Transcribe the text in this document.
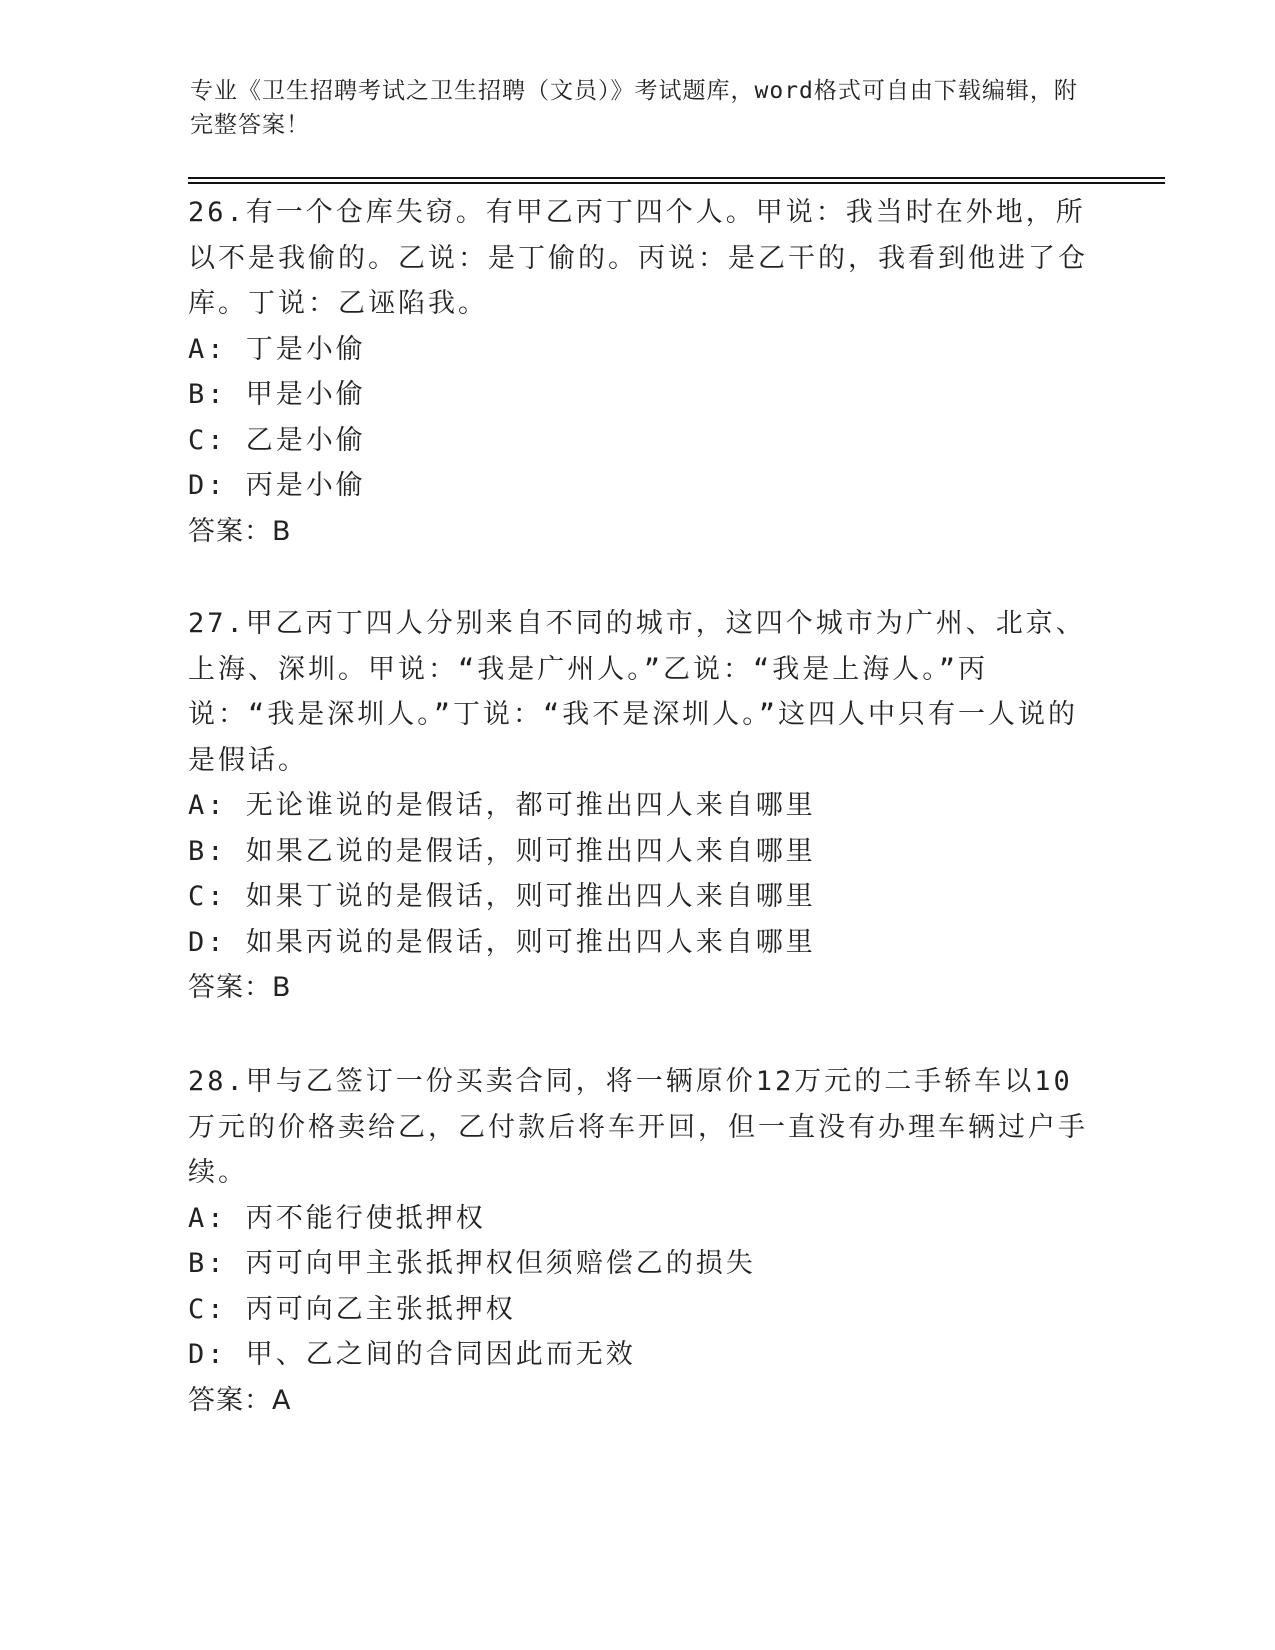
专业《卫生招聘考试之卫生招聘（文员）》考试题库，word格式可自由下载编辑，附完整答案！
26.有一个仓库失窃。有甲乙丙丁四个人。甲说：我当时在外地，所以不是我偷的。乙说：是丁偷的。丙说：是乙干的，我看到他进了仓库。丁说：乙诬陷我。
A: 丁是小偷
B: 甲是小偷
C: 乙是小偷
D: 丙是小偷
答案：B
27.甲乙丙丁四人分别来自不同的城市，这四个城市为广州、北京、上海、深圳。甲说：“我是广州人。”乙说：“我是上海人。”丙说：“我是深圳人。”丁说：“我不是深圳人。”这四人中只有一人说的是假话。
A: 无论谁说的是假话，都可推出四人来自哪里
B: 如果乙说的是假话，则可推出四人来自哪里
C: 如果丁说的是假话，则可推出四人来自哪里
D: 如果丙说的是假话，则可推出四人来自哪里
答案：B
28.甲与乙签订一份买卖合同，将一辆原价12万元的二手轿车以10万元的价格卖给乙，乙付款后将车开回，但一直没有办理车辆过户手续。
A: 丙不能行使抵押权
B: 丙可向甲主张抵押权但须赔偿乙的损失
C: 丙可向乙主张抵押权
D: 甲、乙之间的合同因此而无效
答案：A
